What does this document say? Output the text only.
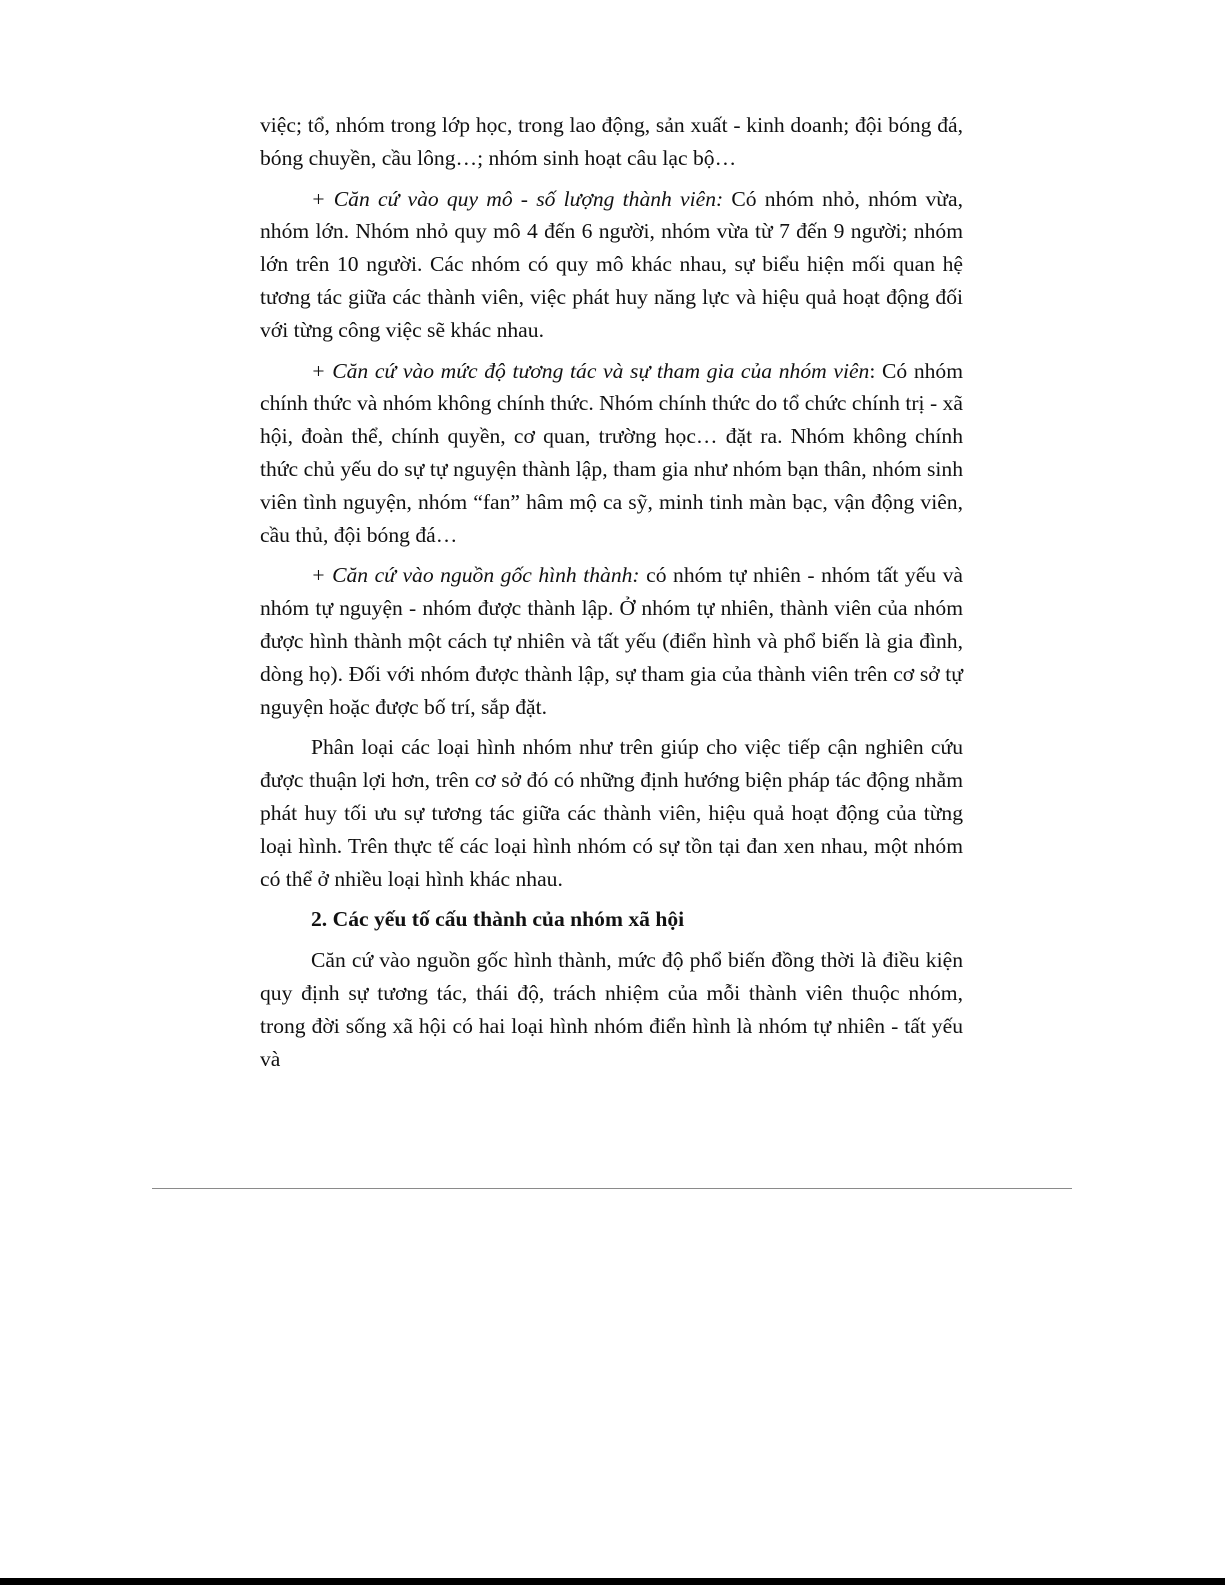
việc; tổ, nhóm trong lớp học, trong lao động, sản xuất - kinh doanh; đội bóng đá, bóng chuyền, cầu lông…; nhóm sinh hoạt câu lạc bộ…

+ Căn cứ vào quy mô - số lượng thành viên: Có nhóm nhỏ, nhóm vừa, nhóm lớn. Nhóm nhỏ quy mô 4 đến 6 người, nhóm vừa từ 7 đến 9 người; nhóm lớn trên 10 người. Các nhóm có quy mô khác nhau, sự biểu hiện mối quan hệ tương tác giữa các thành viên, việc phát huy năng lực và hiệu quả hoạt động đối với từng công việc sẽ khác nhau.

+ Căn cứ vào mức độ tương tác và sự tham gia của nhóm viên: Có nhóm chính thức và nhóm không chính thức. Nhóm chính thức do tổ chức chính trị - xã hội, đoàn thể, chính quyền, cơ quan, trường học… đặt ra. Nhóm không chính thức chủ yếu do sự tự nguyện thành lập, tham gia như nhóm bạn thân, nhóm sinh viên tình nguyện, nhóm “fan” hâm mộ ca sỹ, minh tinh màn bạc, vận động viên, cầu thủ, đội bóng đá…

+ Căn cứ vào nguồn gốc hình thành: có nhóm tự nhiên - nhóm tất yếu và nhóm tự nguyện - nhóm được thành lập. Ở nhóm tự nhiên, thành viên của nhóm được hình thành một cách tự nhiên và tất yếu (điển hình và phổ biến là gia đình, dòng họ). Đối với nhóm được thành lập, sự tham gia của thành viên trên cơ sở tự nguyện hoặc được bố trí, sắp đặt.

Phân loại các loại hình nhóm như trên giúp cho việc tiếp cận nghiên cứu được thuận lợi hơn, trên cơ sở đó có những định hướng biện pháp tác động nhằm phát huy tối ưu sự tương tác giữa các thành viên, hiệu quả hoạt động của từng loại hình. Trên thực tế các loại hình nhóm có sự tồn tại đan xen nhau, một nhóm có thể ở nhiều loại hình khác nhau.

2. Các yếu tố cấu thành của nhóm xã hội

Căn cứ vào nguồn gốc hình thành, mức độ phổ biến đồng thời là điều kiện quy định sự tương tác, thái độ, trách nhiệm của mỗi thành viên thuộc nhóm, trong đời sống xã hội có hai loại hình nhóm điển hình là nhóm tự nhiên - tất yếu và
